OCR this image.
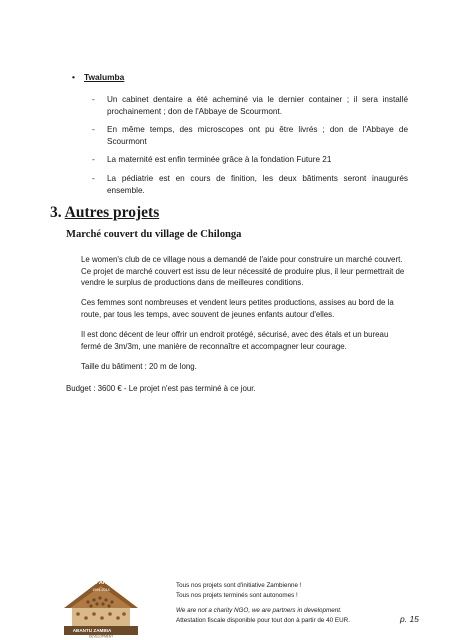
• Twalumba
- Un cabinet dentaire a été acheminé via le dernier container ; il sera installé prochainement ; don de l'Abbaye de Scourmont.
- En même temps, des microscopes ont pu être livrés ; don de l'Abbaye de Scourmont
- La maternité est enfin terminée grâce à la fondation Future 21
- La pédiatrie est en cours de finition, les deux bâtiments seront inaugurés ensemble.
3. Autres projets
Marché couvert du village de Chilonga

Le women's club de ce village nous a demandé de l'aide pour construire un marché couvert. Ce projet de marché couvert est issu de leur nécessité de produire plus, il leur permettrait de vendre le surplus de productions dans de meilleures conditions.

Ces femmes sont nombreuses et vendent leurs petites productions, assises au bord de la route, par tous les temps, avec souvent de jeunes enfants autour d'elles.

Il est donc décent de leur offrir un endroit protégé, sécurisé, avec des étals et un bureau fermé de 3m/3m, une manière de reconnaître et accompagner leur courage.

Taille du bâtiment : 20 m de long.

Budget : 3600 € - Le projet n'est pas terminé à ce jour.

20 ANS
1994-2014
ABANTU ZAMBIA
DEVELOPMENT
Tous nos projets sont d'initiative Zambienne !
Tous nos projets terminés sont autonomes !
We are not a charity NGO, we are partners in development.
Attestation fiscale disponible pour tout don à partir de 40 EUR.	p. 15
